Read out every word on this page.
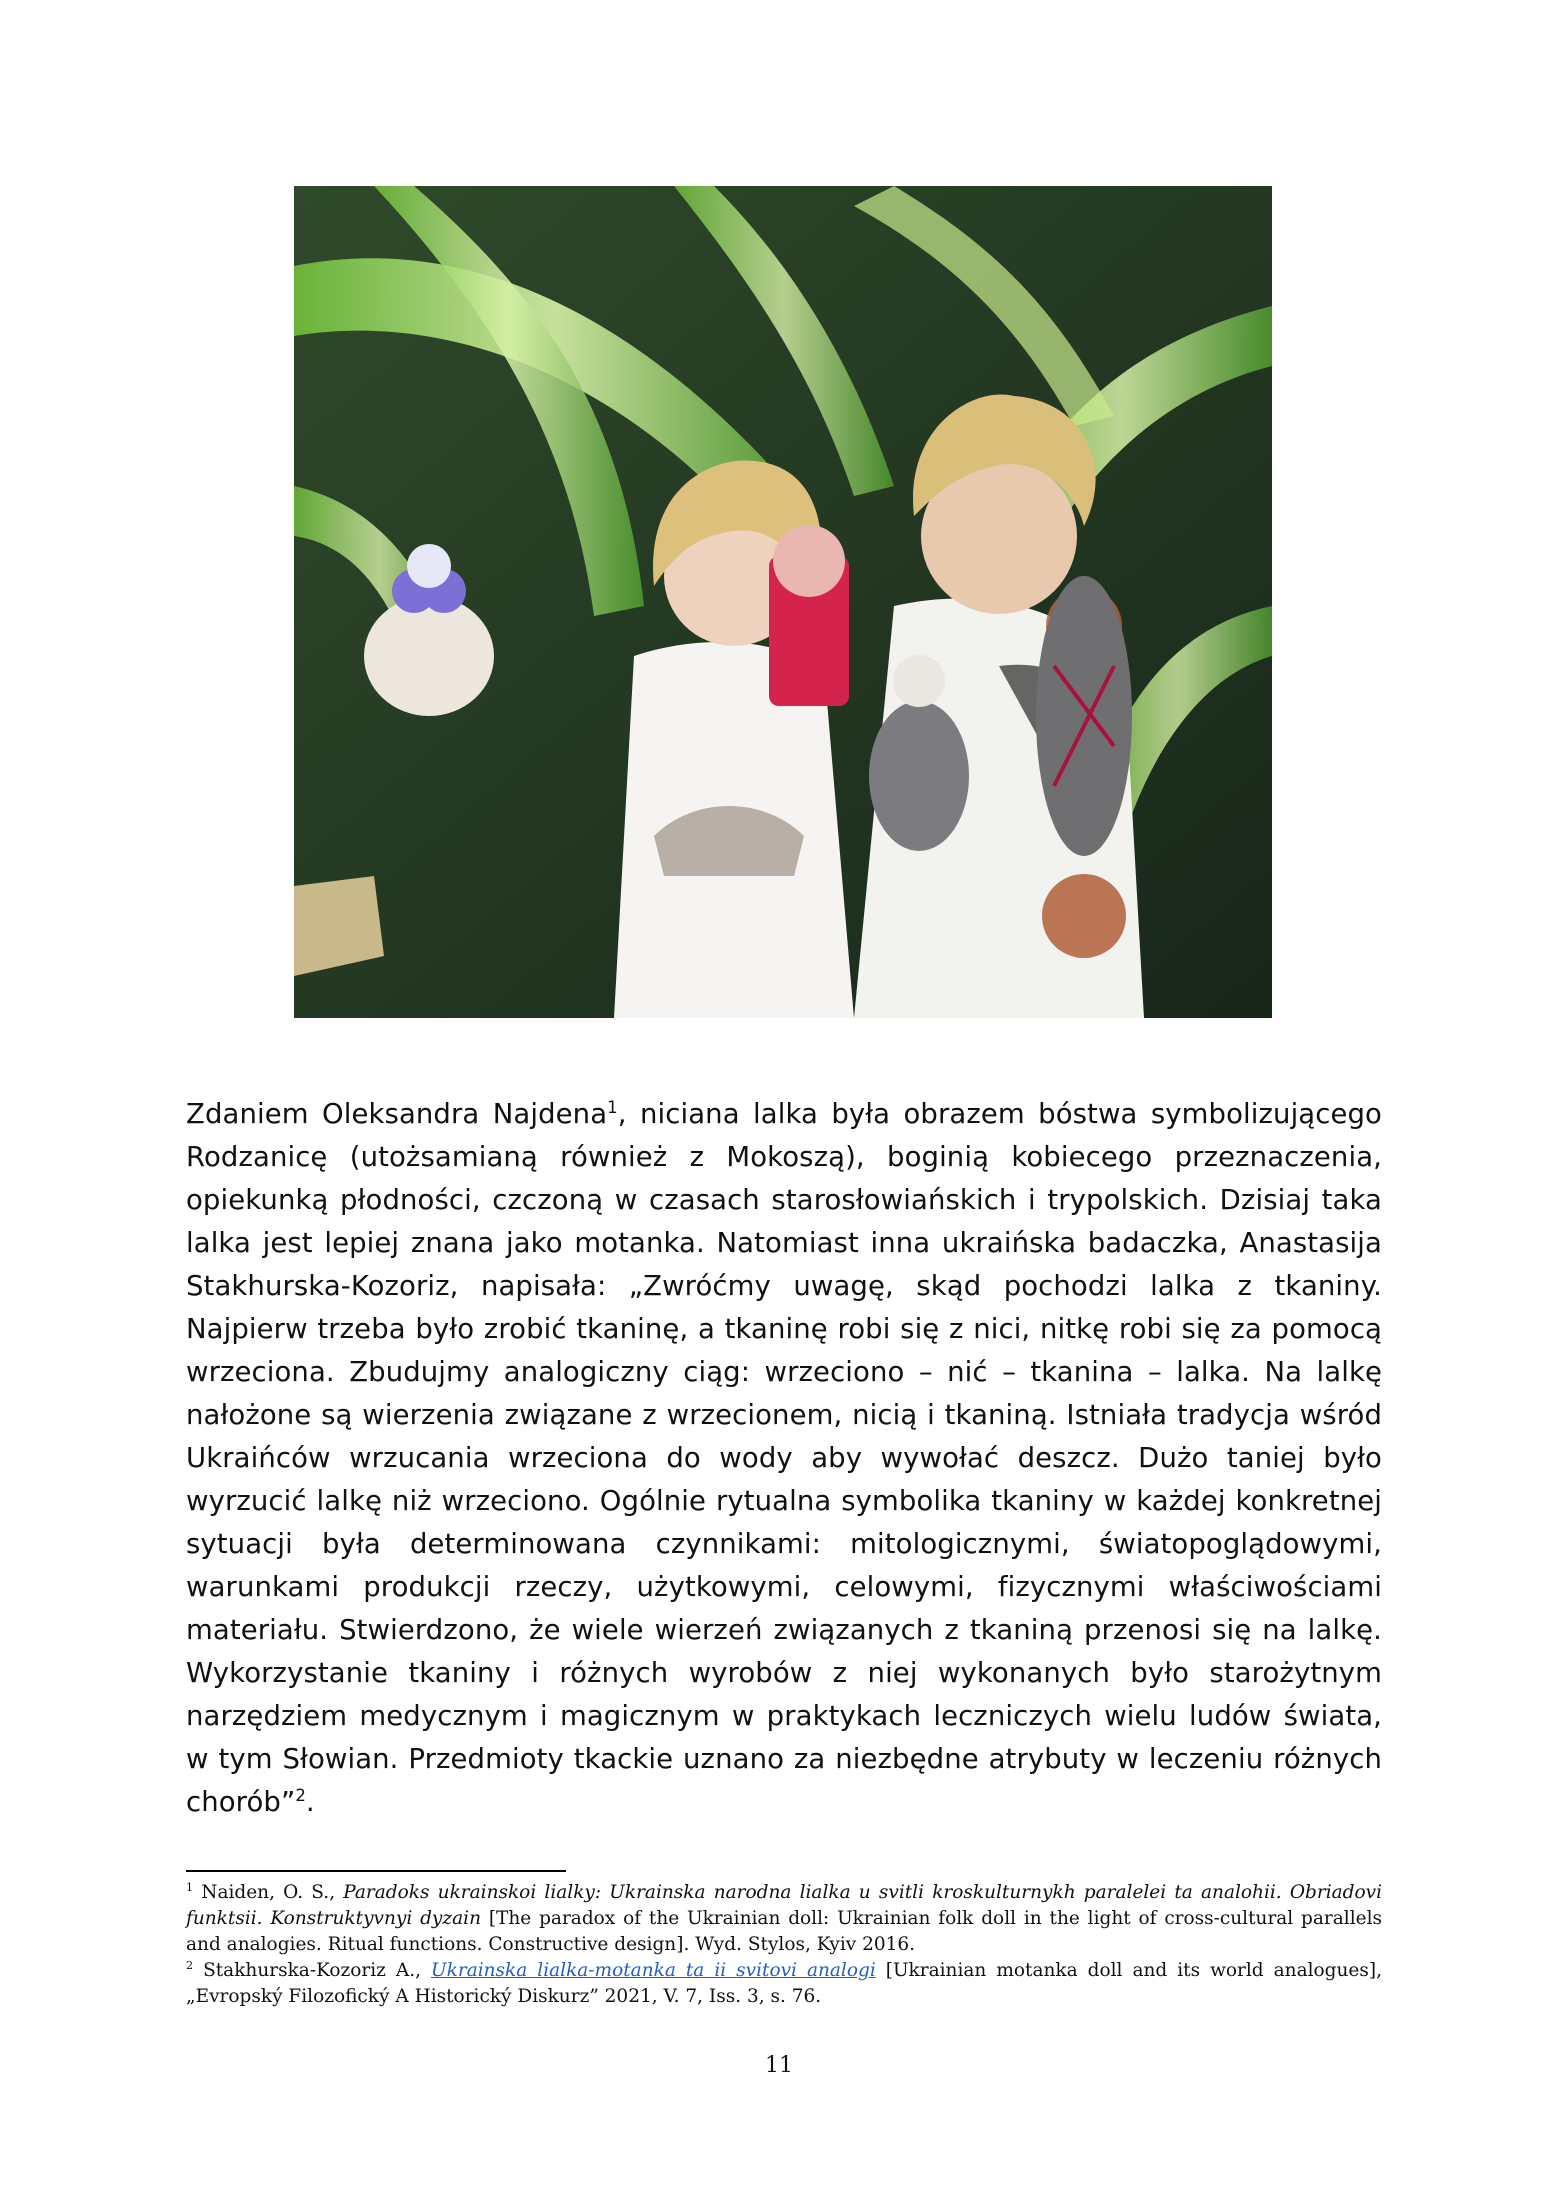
Zdaniem Oleksandra Najdena$^1$, niciana lalka była obrazem bóstwa symbolizującego Rodzanicę (utożsamianą również z Mokoszą), boginią kobiecego przeznaczenia, opiekunką płodności, czczoną w czasach starosłowiańskich i trypolskich. Dzisiaj taka lalka jest lepiej znana jako motanka. Natomiast inna ukraińska badaczka, Anastasija Stakhurska-Kozoriz, napisała: „Zwróćmy uwagę, skąd pochodzi lalka z tkaniny. Najpierw trzeba było zrobić tkaninę, a tkaninę robi się z nici, nitkę robi się za pomocą wrzeciona. Zbudujmy analogiczny ciąg: wrzeciono – nić – tkanina – lalka. Na lalkę nałożone są wierzenia związane z wrzecionem, nicią i tkaniną. Istniała tradycja wśród Ukraińców wrzucania wrzeciona do wody aby wywołać deszcz. Dużo taniej było wyrzucić lalkę niż wrzeciono. Ogólnie rytualna symbolika tkaniny w każdej konkretnej sytuacji była determinowana czynnikami: mitologicznymi, światopoglądowymi, warunkami produkcji rzeczy, użytkowymi, celowymi, fizycznymi właściwościami materiału. Stwierdzono, że wiele wierzeń związanych z tkaniną przenosi się na lalkę. Wykorzystanie tkaniny i różnych wyrobów z niej wykonanych było starożytnym narzędziem medycznym i magicznym w praktykach leczniczych wielu ludów świata, w tym Słowian. Przedmioty tkackie uznano za niezbędne atrybuty w leczeniu różnych chorób”$^2$.

$^1$ Naiden, O. S., Paradoks ukrainskoi lialky: Ukrainska narodna lialka u svitli kroskulturnykh paralelei ta analohii. Obriadovi funktsii. Konstruktyvnyi dyzain [The paradox of the Ukrainian doll: Ukrainian folk doll in the light of cross-cultural parallels and analogies. Ritual functions. Constructive design]. Wyd. Stylos, Kyiv 2016.

$^2$ Stakhurska-Kozoriz A., Ukrainska lialka-motanka ta ii svitovi analogi [Ukrainian motanka doll and its world analogues], „Evropský Filozofický A Historický Diskurz” 2021, V. 7, Iss. 3, s. 76.

11
